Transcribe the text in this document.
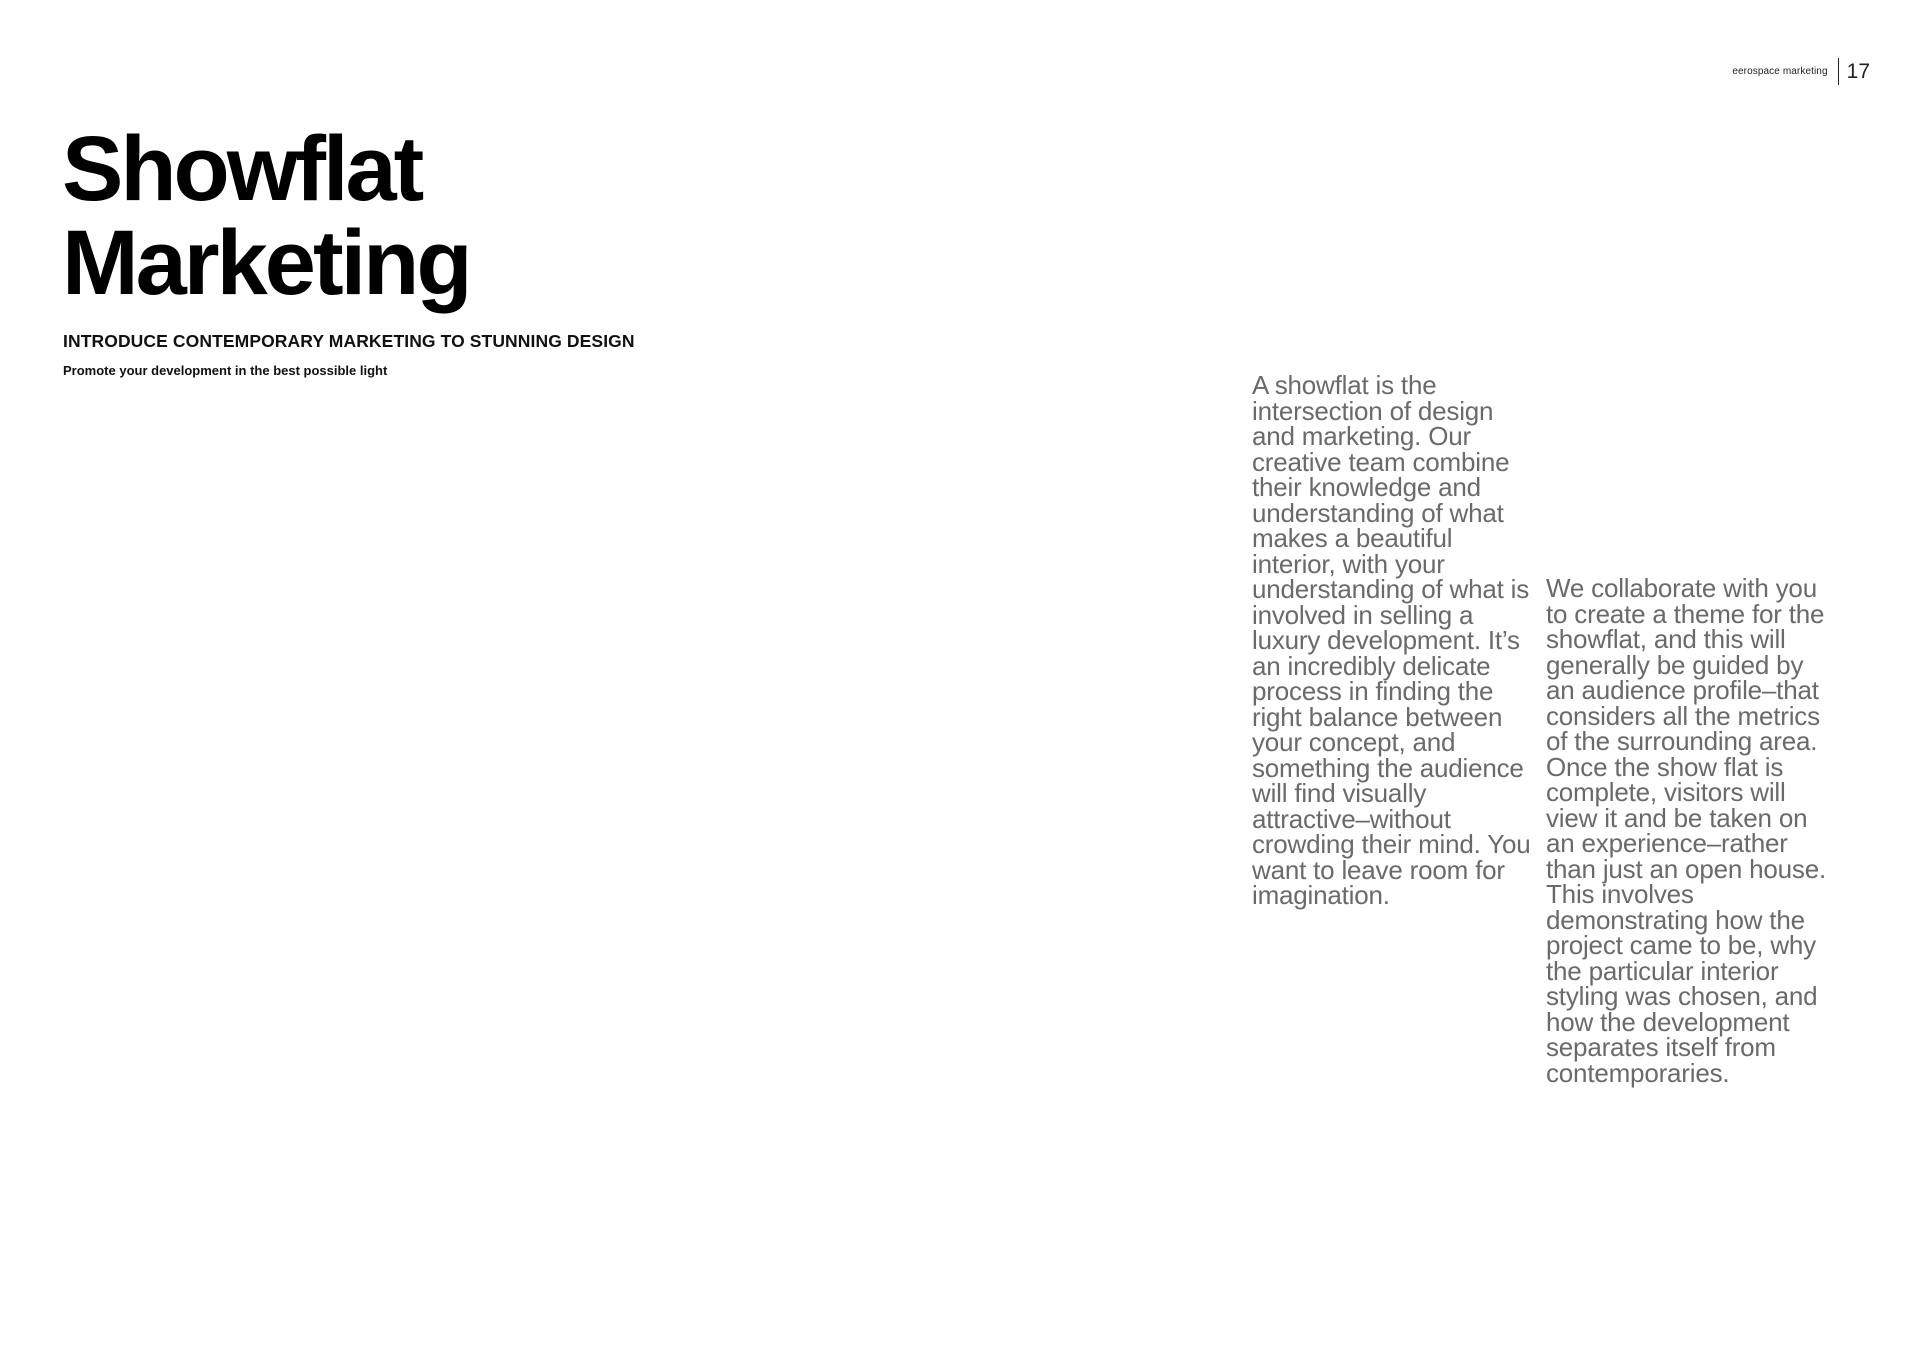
eerospace marketing 17
Showflat
Marketing
INTRODUCE CONTEMPORARY MARKETING TO STUNNING DESIGN
Promote your development in the best possible light	A showflat is the intersection of design and marketing. Our creative team combine their knowledge and understanding of what makes a beautiful interior, with your understanding of what is involved in selling a luxury development. It’s an incredibly delicate process in finding the right balance between your concept, and something the audience will find visually attractive–without crowding their mind. You want to leave room for imagination.

We collaborate with you to create a theme for the showflat, and this will generally be guided by an audience profile–that considers all the metrics of the surrounding area. Once the show flat is complete, visitors will view it and be taken on an experience–rather than just an open house. This involves demonstrating how the project came to be, why the particular interior styling was chosen, and how the development separates itself from contemporaries.
